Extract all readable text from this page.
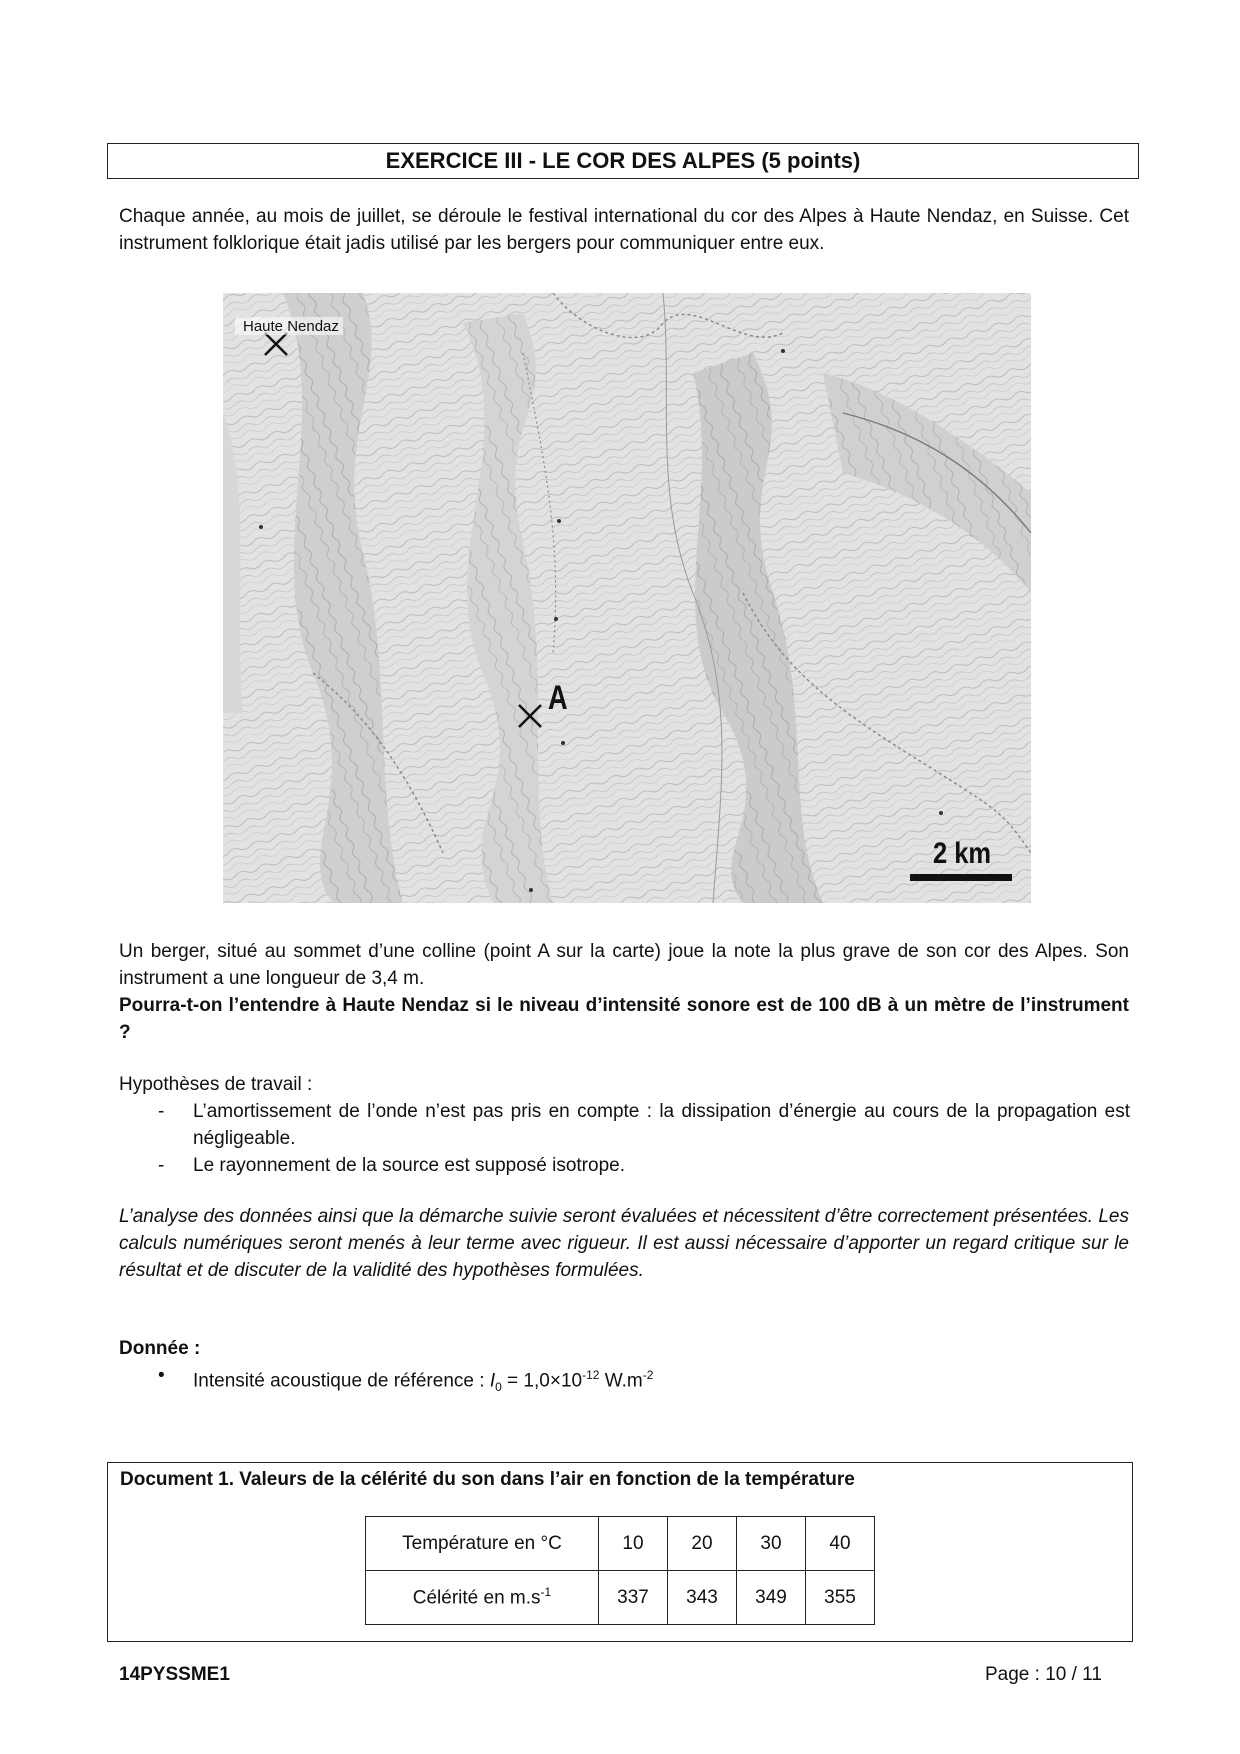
EXERCICE III - LE COR DES ALPES (5 points)
Chaque année, au mois de juillet, se déroule le festival international du cor des Alpes à Haute Nendaz, en Suisse. Cet instrument folklorique était jadis utilisé par les bergers pour communiquer entre eux.
Haute Nendaz
A
2 km
Un berger, situé au sommet d’une colline (point A sur la carte) joue la note la plus grave de son cor des Alpes. Son instrument a une longueur de 3,4 m.
Pourra-t-on l’entendre à Haute Nendaz si le niveau d’intensité sonore est de 100 dB à un mètre de l’instrument ?
Hypothèses de travail :
- L’amortissement de l’onde n’est pas pris en compte : la dissipation d’énergie au cours de la propagation est négligeable.
- Le rayonnement de la source est supposé isotrope.
L’analyse des données ainsi que la démarche suivie seront évaluées et nécessitent d’être correctement présentées. Les calculs numériques seront menés à leur terme avec rigueur. Il est aussi nécessaire d’apporter un regard critique sur le résultat et de discuter de la validité des hypothèses formulées.
Donnée :
• Intensité acoustique de référence : $I_0 = 1,0\times 10^{-12}$ $W.m^{-2}$
Document 1. Valeurs de la célérité du son dans l’air en fonction de la température
Température en °C	10	20	30	40
Célérité en $m.s^{-1}$	337	343	349	355
14PYSSME1	Page : 10 / 11
